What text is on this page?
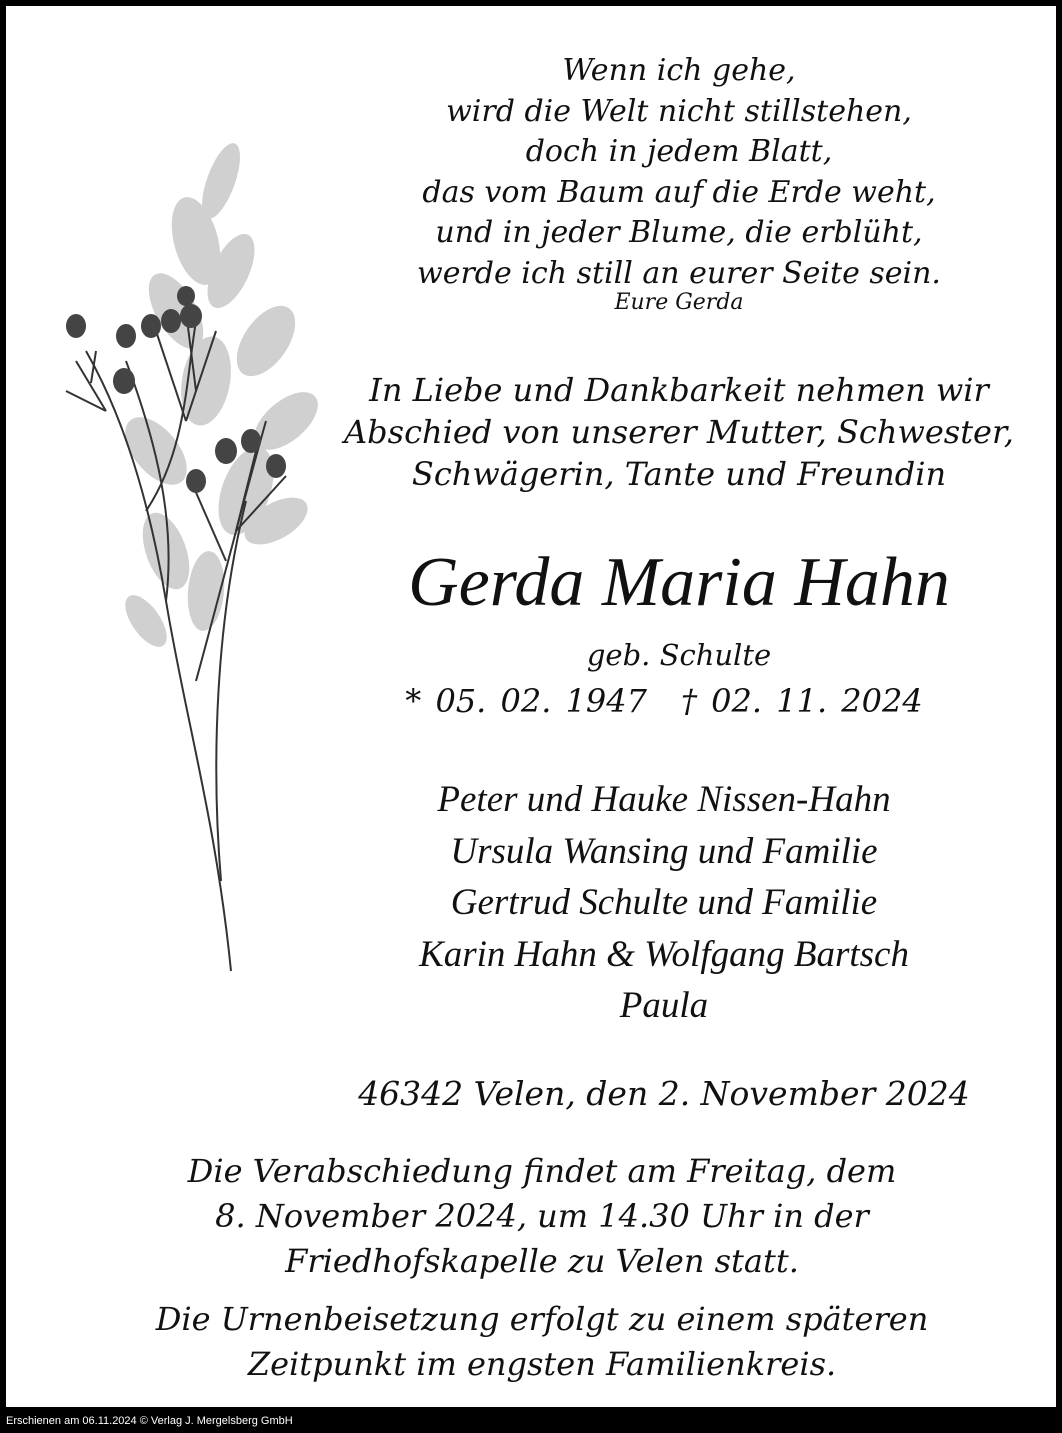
Wenn ich gehe,
wird die Welt nicht stillstehen,
doch in jedem Blatt,
das vom Baum auf die Erde weht,
und in jeder Blume, die erblüht,
werde ich still an eurer Seite sein.
Eure Gerda
In Liebe und Dankbarkeit nehmen wir
Abschied von unserer Mutter, Schwester,
Schwägerin, Tante und Freundin
Gerda Maria Hahn
geb. Schulte
* 05. 02. 1947 † 02. 11. 2024
Peter und Hauke Nissen-Hahn
Ursula Wansing und Familie
Gertrud Schulte und Familie
Karin Hahn & Wolfgang Bartsch
Paula
46342 Velen, den 2. November 2024
Die Verabschiedung findet am Freitag, dem
8. November 2024, um 14.30 Uhr in der
Friedhofskapelle zu Velen statt.
Die Urnenbeisetzung erfolgt zu einem späteren
Zeitpunkt im engsten Familienkreis.
Erschienen am 06.11.2024 © Verlag J. Mergelsberg GmbH
